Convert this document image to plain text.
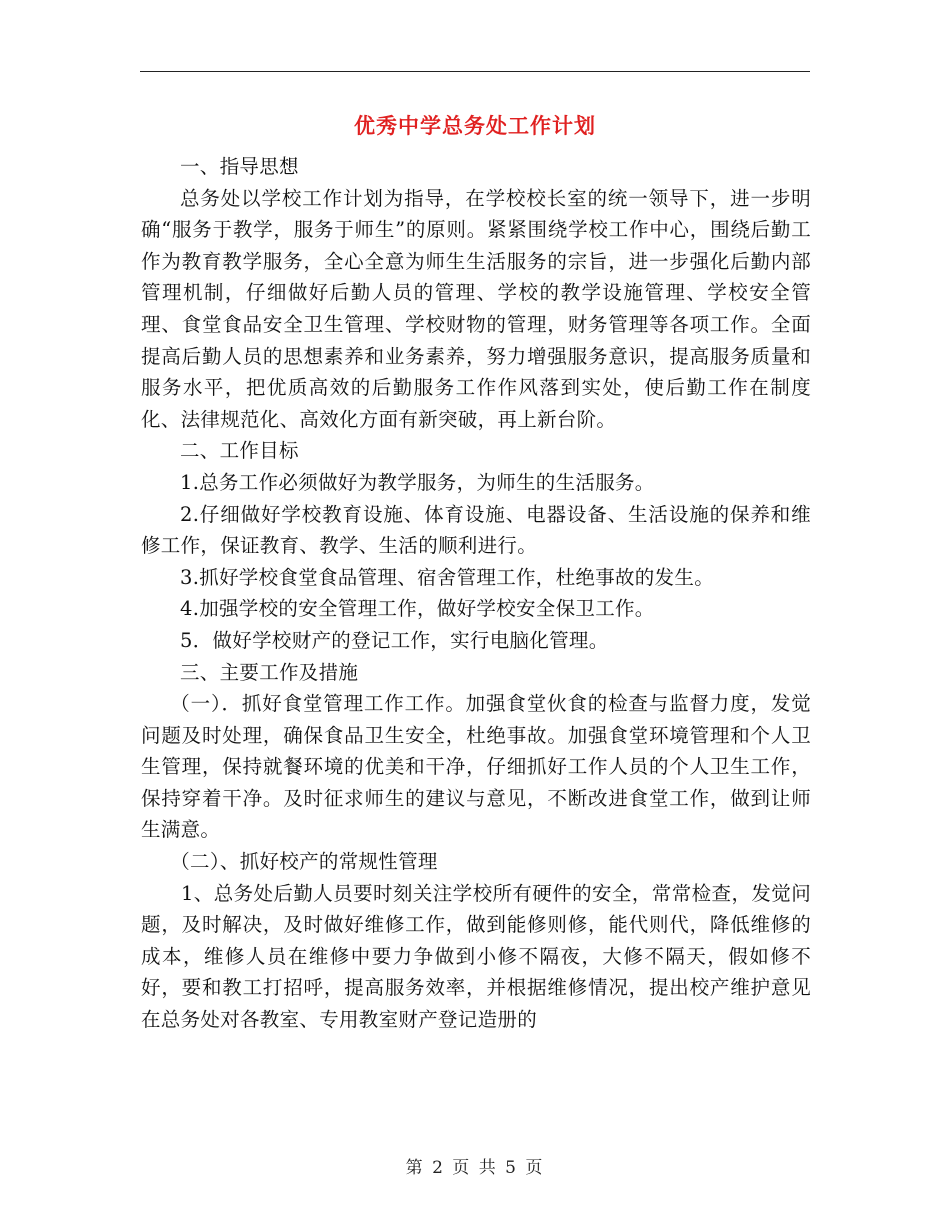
优秀中学总务处工作计划

一、指导思想

总务处以学校工作计划为指导，在学校校长室的统一领导下，进一步明确“服务于教学，服务于师生”的原则。紧紧围绕学校工作中心，围绕后勤工作为教育教学服务，全心全意为师生生活服务的宗旨，进一步强化后勤内部管理机制，仔细做好后勤人员的管理、学校的教学设施管理、学校安全管理、食堂食品安全卫生管理、学校财物的管理，财务管理等各项工作。全面提高后勤人员的思想素养和业务素养，努力增强服务意识，提高服务质量和服务水平，把优质高效的后勤服务工作作风落到实处，使后勤工作在制度化、法律规范化、高效化方面有新突破，再上新台阶。

二、工作目标

1.总务工作必须做好为教学服务，为师生的生活服务。

2.仔细做好学校教育设施、体育设施、电器设备、生活设施的保养和维修工作，保证教育、教学、生活的顺利进行。

3.抓好学校食堂食品管理、宿舍管理工作，杜绝事故的发生。

4.加强学校的安全管理工作，做好学校安全保卫工作。

5．做好学校财产的登记工作，实行电脑化管理。

三、主要工作及措施

（一）．抓好食堂管理工作工作。加强食堂伙食的检查与监督力度，发觉问题及时处理，确保食品卫生安全，杜绝事故。加强食堂环境管理和个人卫生管理，保持就餐环境的优美和干净，仔细抓好工作人员的个人卫生工作，保持穿着干净。及时征求师生的建议与意见，不断改进食堂工作，做到让师生满意。

（二）、抓好校产的常规性管理

1、总务处后勤人员要时刻关注学校所有硬件的安全，常常检查，发觉问题，及时解决，及时做好维修工作，做到能修则修，能代则代，降低维修的成本，维修人员在维修中要力争做到小修不隔夜，大修不隔天，假如修不好，要和教工打招呼，提高服务效率，并根据维修情况，提出校产维护意见在总务处对各教室、专用教室财产登记造册的

第 2 页 共 5 页
